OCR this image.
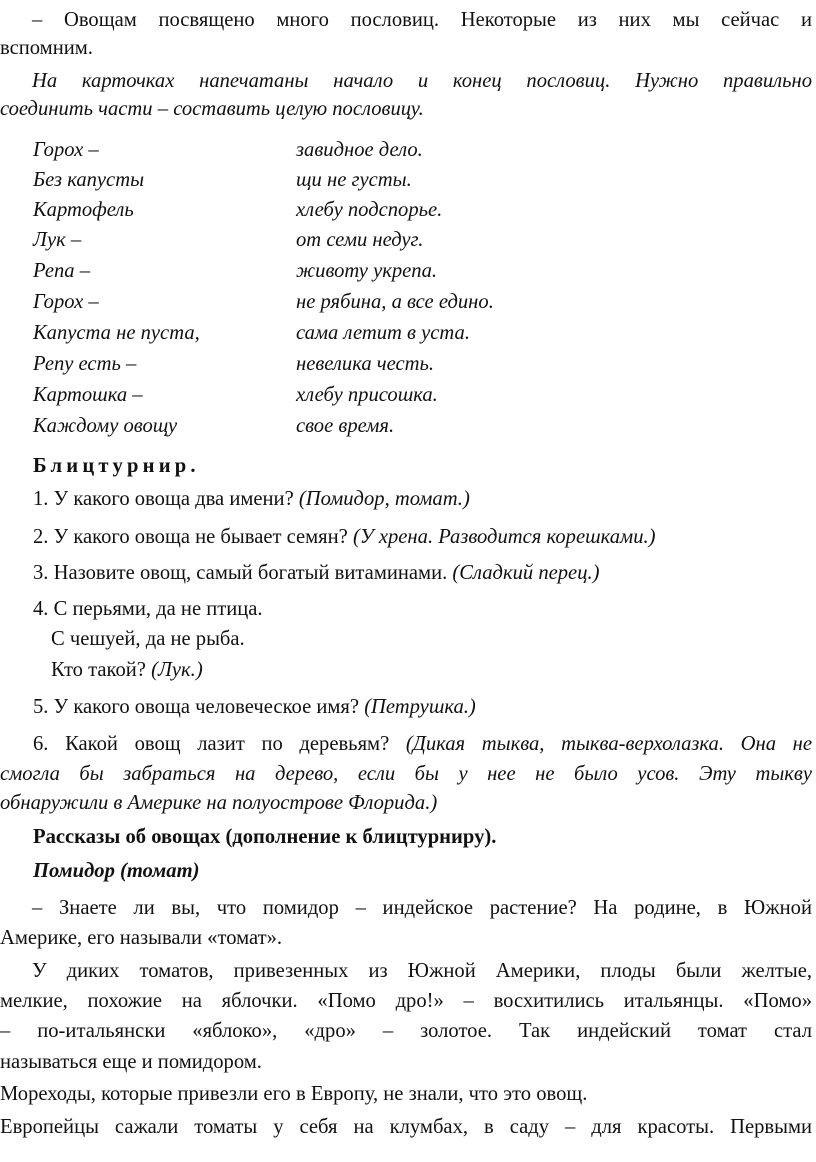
– Овощам посвящено много пословиц. Некоторые из них мы сейчас и
вспомним.
На карточках напечатаны начало и конец пословиц. Нужно правильно
соединить части – составить целую пословицу.
Горох –	завидное дело.
Без капусты	щи не густы.
Картофель	хлебу подспорье.
Лук –	от семи недуг.
Репа –	животу укрепа.
Горох –	не рябина, а все едино.
Капуста не пуста,	сама летит в уста.
Репу есть –	невелика честь.
Картошка –	хлебу присошка.
Каждому овощу	свое время.
Блицтурнир.
1. У какого овоща два имени? (Помидор, томат.)
2. У какого овоща не бывает семян? (У хрена. Разводится корешками.)
3. Назовите овощ, самый богатый витаминами. (Сладкий перец.)
4. С перьями, да не птица.
С чешуей, да не рыба.
Кто такой? (Лук.)
5. У какого овоща человеческое имя? (Петрушка.)
6. Какой овощ лазит по деревьям? (Дикая тыква, тыква-верхолазка. Она не
смогла бы забраться на дерево, если бы у нее не было усов. Эту тыкву
обнаружили в Америке на полуострове Флорида.)
Рассказы об овощах (дополнение к блицтурниру).
Помидор (томат)
– Знаете ли вы, что помидор – индейское растение? На родине, в Южной
Америке, его называли «томат».
У диких томатов, привезенных из Южной Америки, плоды были желтые,
мелкие, похожие на яблочки. «Помо дро!» – восхитились итальянцы. «Помо»
– по-итальянски «яблоко», «дро» – золотое. Так индейский томат стал
называться еще и помидором.
Мореходы, которые привезли его в Европу, не знали, что это овощ.
Европейцы сажали томаты у себя на клумбах, в саду – для красоты. Первыми
